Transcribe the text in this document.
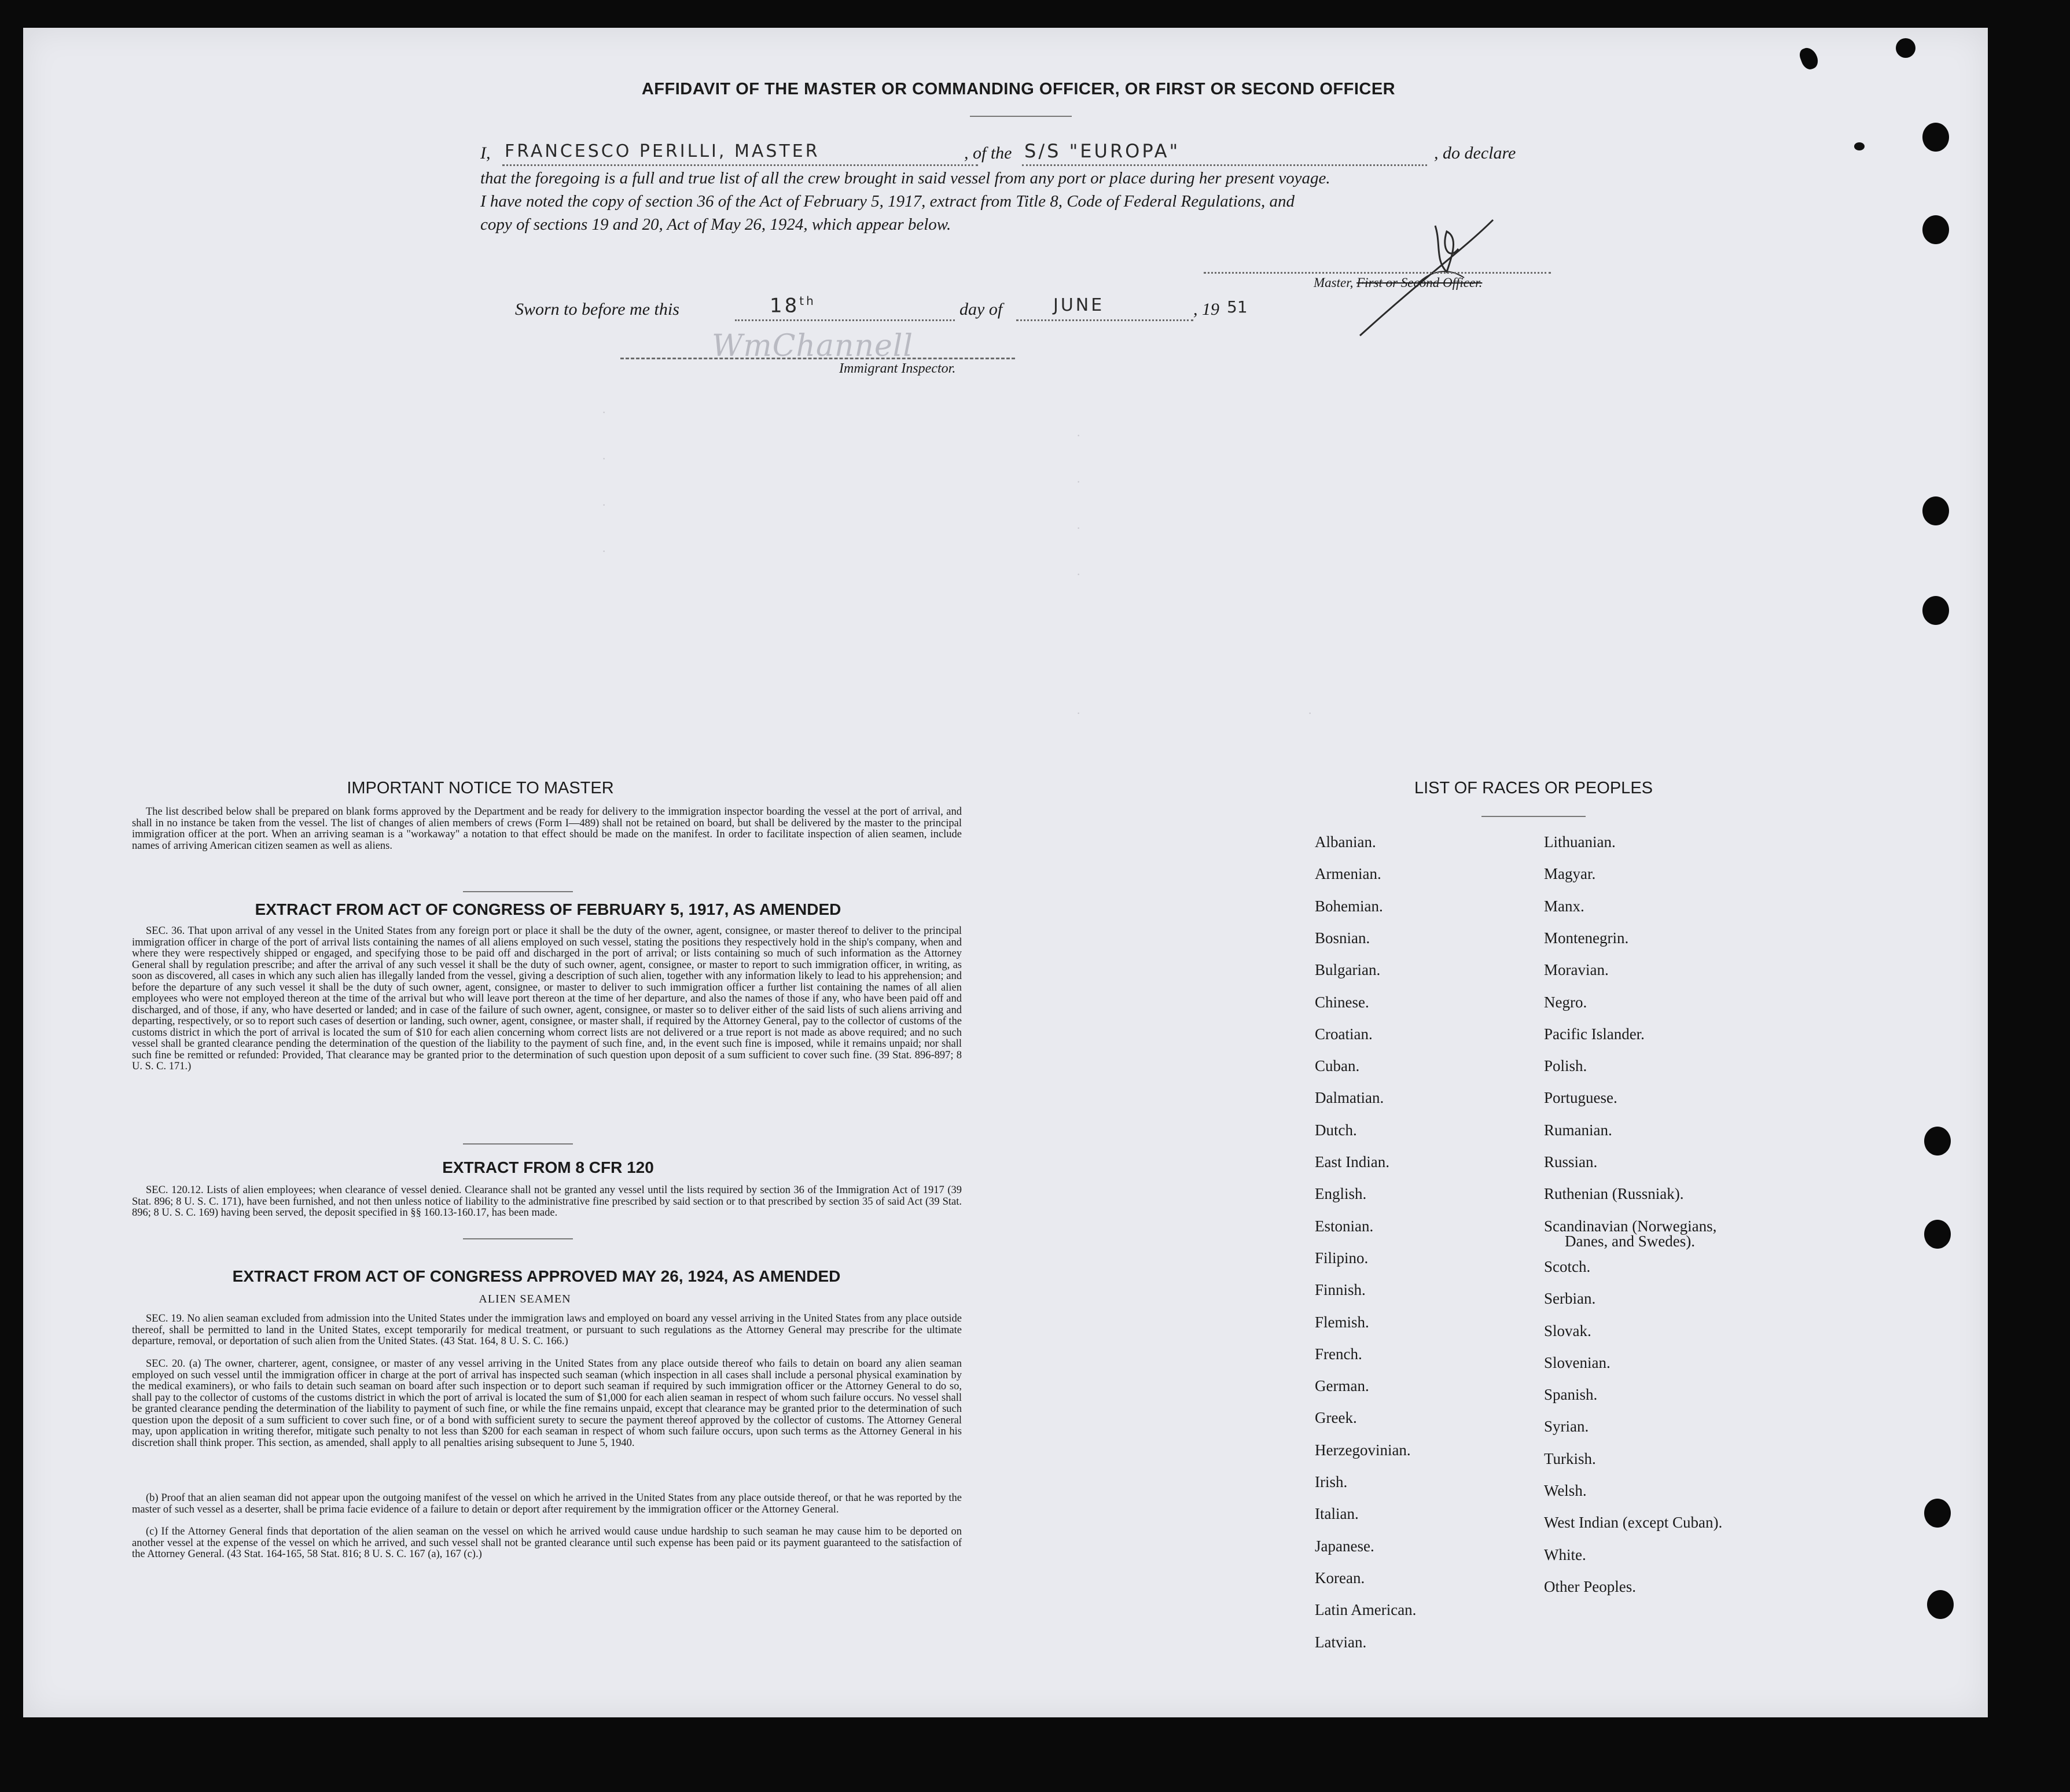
·
·
·
·
·
·
·
·
·	·
AFFIDAVIT OF THE MASTER OR COMMANDING OFFICER, OR FIRST OR SECOND OFFICER
I, FRANCESCO PERILLI, MASTER	, of the S/S "EUROPA"	, do declare
that the foregoing is a full and true list of all the crew brought in said vessel from any port or place during her present voyage.
I have noted the copy of section 36 of the Act of February 5, 1917, extract from Title 8, Code of Federal Regulations, and
copy of sections 19 and 20, Act of May 26, 1924, which appear below.
Master, First or Second Officer.
Sworn to before me this	18th	day of	JUNE	, 19 51
WmChannell
Immigrant Inspector.
IMPORTANT NOTICE TO MASTER
The list described below shall be prepared on blank forms approved by the Department and be ready for delivery to the immigration inspector boarding the vessel at the port of arrival, and shall in no instance be taken from the vessel. The list of changes of alien members of crews (Form I—489) shall not be retained on board, but shall be delivered by the master to the principal immigration officer at the port. When an arriving seaman is a "workaway" a notation to that effect should be made on the manifest. In order to facilitate inspection of alien seamen, include names of arriving American citizen seamen as well as aliens.
EXTRACT FROM ACT OF CONGRESS OF FEBRUARY 5, 1917, AS AMENDED
SEC. 36. That upon arrival of any vessel in the United States from any foreign port or place it shall be the duty of the owner, agent, consignee, or master thereof to deliver to the principal immigration officer in charge of the port of arrival lists containing the names of all aliens employed on such vessel, stating the positions they respectively hold in the ship's company, when and where they were respectively shipped or engaged, and specifying those to be paid off and discharged in the port of arrival; or lists containing so much of such information as the Attorney General shall by regulation prescribe; and after the arrival of any such vessel it shall be the duty of such owner, agent, consignee, or master to report to such immigration officer, in writing, as soon as discovered, all cases in which any such alien has illegally landed from the vessel, giving a description of such alien, together with any information likely to lead to his apprehension; and before the departure of any such vessel it shall be the duty of such owner, agent, consignee, or master to deliver to such immigration officer a further list containing the names of all alien employees who were not employed thereon at the time of the arrival but who will leave port thereon at the time of her departure, and also the names of those if any, who have been paid off and discharged, and of those, if any, who have deserted or landed; and in case of the failure of such owner, agent, consignee, or master so to deliver either of the said lists of such aliens arriving and departing, respectively, or so to report such cases of desertion or landing, such owner, agent, consignee, or master shall, if required by the Attorney General, pay to the collector of customs of the customs district in which the port of arrival is located the sum of $10 for each alien concerning whom correct lists are not delivered or a true report is not made as above required; and no such vessel shall be granted clearance pending the determination of the question of the liability to the payment of such fine, and, in the event such fine is imposed, while it remains unpaid; nor shall such fine be remitted or refunded: Provided, That clearance may be granted prior to the determination of such question upon deposit of a sum sufficient to cover such fine. (39 Stat. 896-897; 8 U. S. C. 171.)
EXTRACT FROM 8 CFR 120
SEC. 120.12. Lists of alien employees; when clearance of vessel denied. Clearance shall not be granted any vessel until the lists required by section 36 of the Immigration Act of 1917 (39 Stat. 896; 8 U. S. C. 171), have been furnished, and not then unless notice of liability to the administrative fine prescribed by said section or to that prescribed by section 35 of said Act (39 Stat. 896; 8 U. S. C. 169) having been served, the deposit specified in §§ 160.13-160.17, has been made.
EXTRACT FROM ACT OF CONGRESS APPROVED MAY 26, 1924, AS AMENDED
ALIEN SEAMEN
SEC. 19. No alien seaman excluded from admission into the United States under the immigration laws and employed on board any vessel arriving in the United States from any place outside thereof, shall be permitted to land in the United States, except temporarily for medical treatment, or pursuant to such regulations as the Attorney General may prescribe for the ultimate departure, removal, or deportation of such alien from the United States. (43 Stat. 164, 8 U. S. C. 166.)
SEC. 20. (a) The owner, charterer, agent, consignee, or master of any vessel arriving in the United States from any place outside thereof who fails to detain on board any alien seaman employed on such vessel until the immigration officer in charge at the port of arrival has inspected such seaman (which inspection in all cases shall include a personal physical examination by the medical examiners), or who fails to detain such seaman on board after such inspection or to deport such seaman if required by such immigration officer or the Attorney General to do so, shall pay to the collector of customs of the customs district in which the port of arrival is located the sum of $1,000 for each alien seaman in respect of whom such failure occurs. No vessel shall be granted clearance pending the determination of the liability to payment of such fine, or while the fine remains unpaid, except that clearance may be granted prior to the determination of such question upon the deposit of a sum sufficient to cover such fine, or of a bond with sufficient surety to secure the payment thereof approved by the collector of customs. The Attorney General may, upon application in writing therefor, mitigate such penalty to not less than $200 for each seaman in respect of whom such failure occurs, upon such terms as the Attorney General in his discretion shall think proper. This section, as amended, shall apply to all penalties arising subsequent to June 5, 1940.
(b) Proof that an alien seaman did not appear upon the outgoing manifest of the vessel on which he arrived in the United States from any place outside thereof, or that he was reported by the master of such vessel as a deserter, shall be prima facie evidence of a failure to detain or deport after requirement by the immigration officer or the Attorney General.
(c) If the Attorney General finds that deportation of the alien seaman on the vessel on which he arrived would cause undue hardship to such seaman he may cause him to be deported on another vessel at the expense of the vessel on which he arrived, and such vessel shall not be granted clearance until such expense has been paid or its payment guaranteed to the satisfaction of the Attorney General. (43 Stat. 164-165, 58 Stat. 816; 8 U. S. C. 167 (a), 167 (c).)
LIST OF RACES OR PEOPLES
Albanian.
Armenian.
Bohemian.
Bosnian.
Bulgarian.
Chinese.
Croatian.
Cuban.
Dalmatian.
Dutch.
East Indian.
English.
Estonian.
Filipino.
Finnish.
Flemish.
French.
German.
Greek.
Herzegovinian.
Irish.
Italian.
Japanese.
Korean.
Latin American.
Latvian.
Lithuanian.
Magyar.
Manx.
Montenegrin.
Moravian.
Negro.
Pacific Islander.
Polish.
Portuguese.
Rumanian.
Russian.
Ruthenian (Russniak).
Scandinavian (Norwegians,
Danes, and Swedes).
Scotch.
Serbian.
Slovak.
Slovenian.
Spanish.
Syrian.
Turkish.
Welsh.
West Indian (except Cuban).
White.
Other Peoples.
